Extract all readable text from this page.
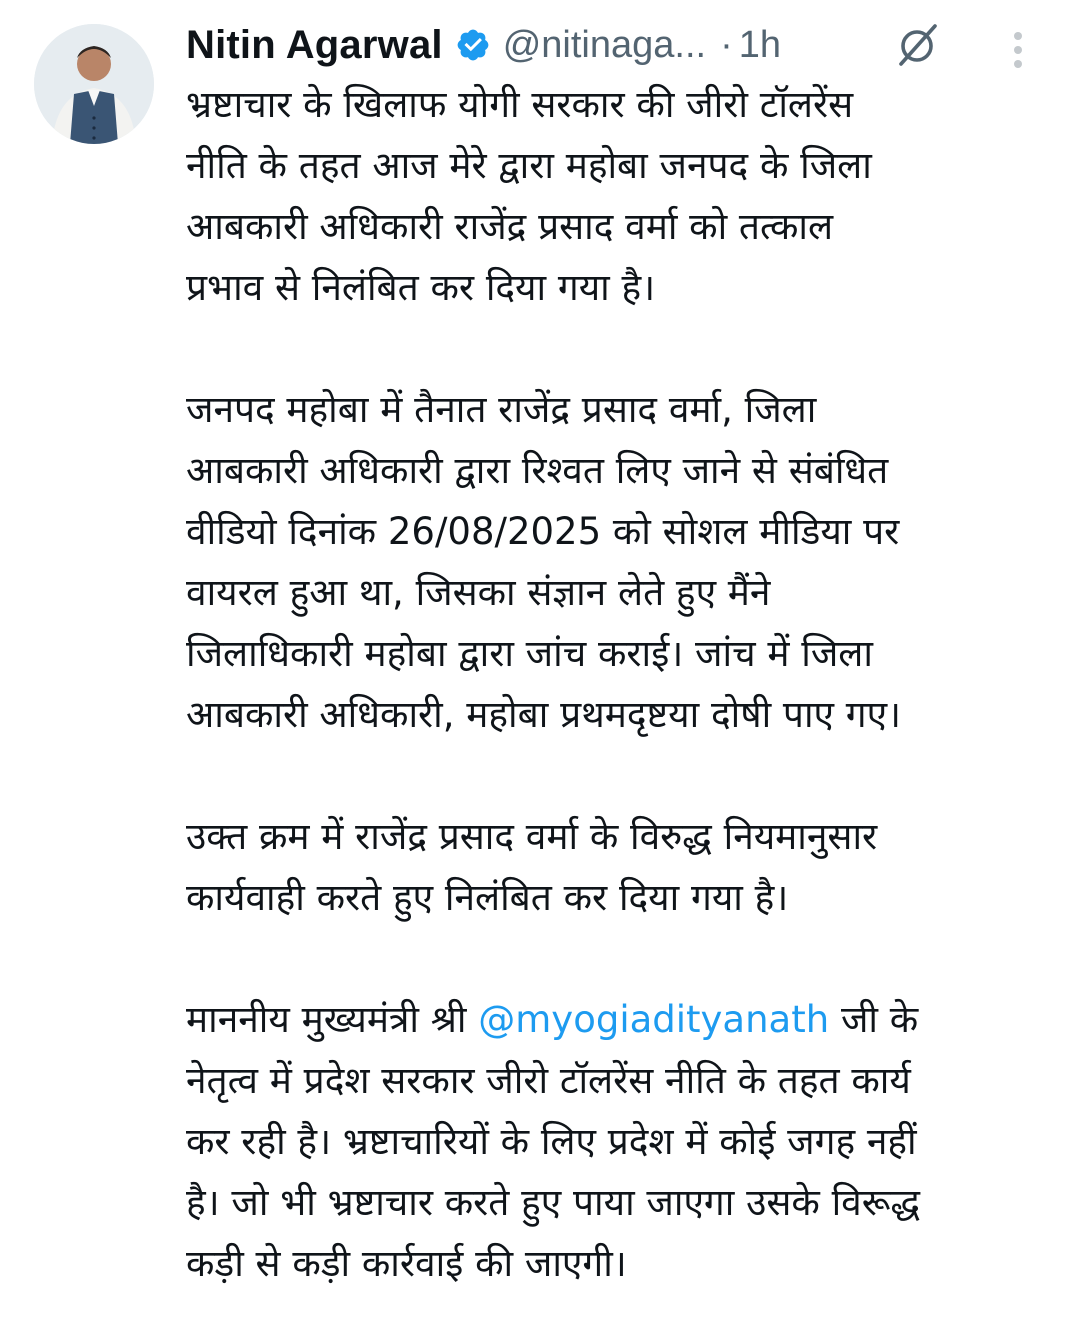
Nitin Agarwal @nitinaga... · 1h

भ्रष्टाचार के खिलाफ योगी सरकार की जीरो टॉलरेंस
नीति के तहत आज मेरे द्वारा महोबा जनपद के जिला
आबकारी अधिकारी राजेंद्र प्रसाद वर्मा को तत्काल
प्रभाव से निलंबित कर दिया गया है।

जनपद महोबा में तैनात राजेंद्र प्रसाद वर्मा, जिला
आबकारी अधिकारी द्वारा रिश्वत लिए जाने से संबंधित
वीडियो दिनांक 26/08/2025 को सोशल मीडिया पर
वायरल हुआ था, जिसका संज्ञान लेते हुए मैंने
जिलाधिकारी महोबा द्वारा जांच कराई। जांच में जिला
आबकारी अधिकारी, महोबा प्रथमदृष्टया दोषी पाए गए।

उक्त क्रम में राजेंद्र प्रसाद वर्मा के विरुद्ध नियमानुसार
कार्यवाही करते हुए निलंबित कर दिया गया है।

माननीय मुख्यमंत्री श्री @myogiadityanath जी के
नेतृत्व में प्रदेश सरकार जीरो टॉलरेंस नीति के तहत कार्य
कर रही है। भ्रष्टाचारियों के लिए प्रदेश में कोई जगह नहीं
है। जो भी भ्रष्टाचार करते हुए पाया जाएगा उसके विरूद्ध
कड़ी से कड़ी कार्रवाई की जाएगी।
